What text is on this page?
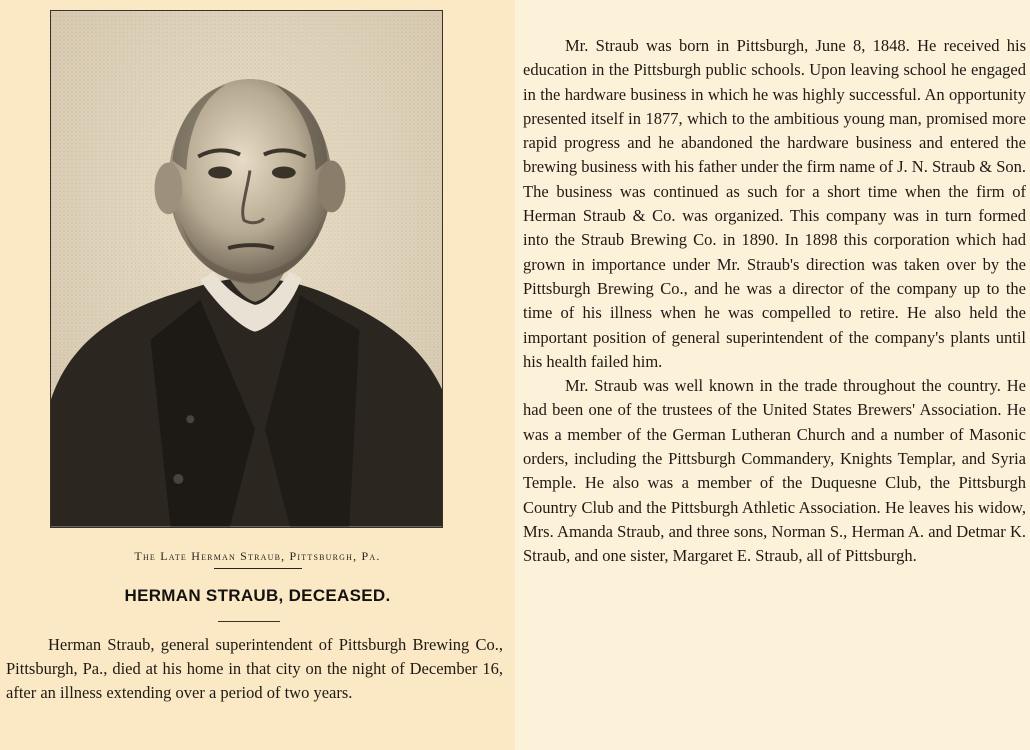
The Late Herman Straub, Pittsburgh, Pa.
HERMAN STRAUB, DECEASED.

Herman Straub, general superintendent of Pittsburgh Brewing Co., Pittsburgh, Pa., died at his home in that city on the night of December 16, after an illness extending over a period of two years.

Mr. Straub was born in Pittsburgh, June 8, 1848. He received his education in the Pittsburgh public schools. Upon leaving school he engaged in the hardware business in which he was highly successful. An opportunity presented itself in 1877, which to the ambitious young man, promised more rapid progress and he abandoned the hardware business and entered the brewing business with his father under the firm name of J. N. Straub & Son. The business was continued as such for a short time when the firm of Herman Straub & Co. was organized. This company was in turn formed into the Straub Brewing Co. in 1890. In 1898 this corporation which had grown in importance under Mr. Straub's direction was taken over by the Pittsburgh Brewing Co., and he was a director of the company up to the time of his illness when he was compelled to retire. He also held the important position of general superintendent of the company's plants until his health failed him.

Mr. Straub was well known in the trade throughout the country. He had been one of the trustees of the United States Brewers' Association. He was a member of the German Lutheran Church and a number of Masonic orders, including the Pittsburgh Commandery, Knights Templar, and Syria Temple. He also was a member of the Duquesne Club, the Pittsburgh Country Club and the Pittsburgh Athletic Association. He leaves his widow, Mrs. Amanda Straub, and three sons, Norman S., Herman A. and Detmar K. Straub, and one sister, Margaret E. Straub, all of Pittsburgh.
